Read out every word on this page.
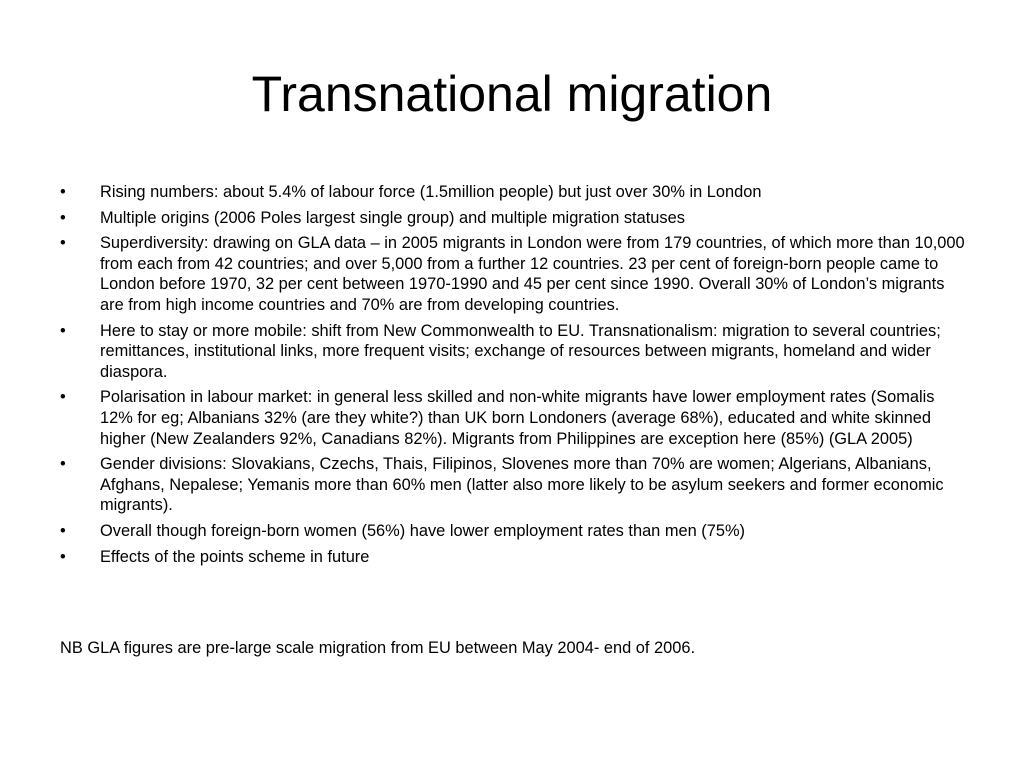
Transnational migration
• Rising numbers: about 5.4% of labour force (1.5million people) but just over 30% in London
• Multiple origins (2006 Poles largest single group) and multiple migration statuses
• Superdiversity: drawing on GLA data – in 2005 migrants in London were from 179 countries, of which more than 10,000 from each from 42 countries; and over 5,000 from a further 12 countries. 23 per cent of foreign-born people came to London before 1970, 32 per cent between 1970-1990 and 45 per cent since 1990. Overall 30% of London’s migrants are from high income countries and 70% are from developing countries.
• Here to stay or more mobile: shift from New Commonwealth to EU. Transnationalism: migration to several countries; remittances, institutional links, more frequent visits; exchange of resources between migrants, homeland and wider diaspora.
• Polarisation in labour market: in general less skilled and non-white migrants have lower employment rates (Somalis 12% for eg; Albanians 32% (are they white?) than UK born Londoners (average 68%), educated and white skinned higher (New Zealanders 92%, Canadians 82%). Migrants from Philippines are exception here (85%) (GLA 2005)
• Gender divisions: Slovakians, Czechs, Thais, Filipinos, Slovenes more than 70% are women; Algerians, Albanians, Afghans, Nepalese; Yemanis more than 60% men (latter also more likely to be asylum seekers and former economic migrants).
• Overall though foreign-born women (56%) have lower employment rates than men (75%)
• Effects of the points scheme in future

NB GLA figures are pre-large scale migration from EU between May 2004- end of 2006.
